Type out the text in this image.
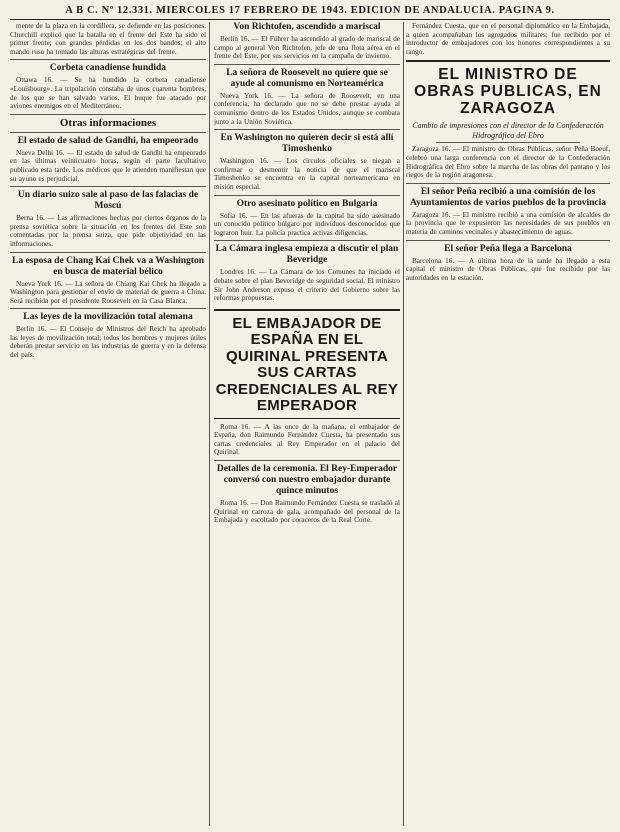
A B C. Nº 12.331. MIERCOLES 17 FEBRERO DE 1943. EDICION DE ANDALUCIA. PAGINA 9.

mente de la plaza en la cordillera, se defiende en las posiciones. Churchill explicó que la batalla en el frente del Este ha sido el primer frente; con grandes pérdidas en los dos bandos; el alto mando ruso ha tomado las alturas estratégicas del frente.

Corbeta canadiense hundida

Ottawa 16. — Se ha hundido la corbeta canadiense «Louisbourg». La tripulación constaba de unos cuarenta hombres, de los que se han salvado varios. El buque fue atacado por aviones enemigos en el Mediterráneo.

Otras informaciones
El estado de salud de Gandhi, ha empeorado

Nueva Delhi 16. — El estado de salud de Gandhi ha empeorado en las últimas veinticuatro horas, según el parte facultativo publicado esta tarde. Los médicos que le atienden manifiestan que su ayuno es perjudicial.

Un diario suizo sale al paso de las falacias de Moscú

Berna 16. — Las afirmaciones hechas por ciertos órganos de la prensa soviética sobre la situación en los frentes del Este son comentadas por la prensa suiza, que pide objetividad en las informaciones.

La esposa de Chang Kai Chek va a Washington en busca de material bélico

Nueva York 16. — La señora de Chiang Kai Chek ha llegado a Washington para gestionar el envío de material de guerra a China. Será recibida por el presidente Roosevelt en la Casa Blanca.

Las leyes de la movilización total alemana

Berlín 16. — El Consejo de Ministros del Reich ha aprobado las leyes de movilización total; todos los hombres y mujeres útiles deberán prestar servicio en las industrias de guerra y en la defensa del país.

Von Richtofen, ascendido a mariscal

Berlín 16. — El Führer ha ascendido al grado de mariscal de campo al general Von Richtofen, jefe de una flota aérea en el frente del Este, por sus servicios en la campaña de invierno.

La señora de Roosevelt no quiere que se ayude al comunismo en Norteamérica

Nueva York 16. — La señora de Roosevelt, en una conferencia, ha declarado que no se debe prestar ayuda al comunismo dentro de los Estados Unidos, aunque se combata junto a la Unión Soviética.

En Washington no quieren decir si está allí Timoshenko

Washington 16. — Los círculos oficiales se niegan a confirmar o desmentir la noticia de que el mariscal Timoshenko se encuentra en la capital norteamericana en misión especial.

Otro asesinato político en Bulgaria

Sofía 16. — En las afueras de la capital ha sido asesinado un conocido político búlgaro por individuos desconocidos que lograron huir. La policía practica activas diligencias.

La Cámara inglesa empieza a discutir el plan Beveridge

Londres 16. — La Cámara de los Comunes ha iniciado el debate sobre el plan Beveridge de seguridad social. El ministro Sir John Anderson expuso el criterio del Gobierno sobre las reformas propuestas.

EL EMBAJADOR DE ESPAÑA EN EL QUIRINAL PRESENTA SUS CARTAS CREDENCIALES AL REY EMPERADOR

Roma 16. — A las once de la mañana, el embajador de España, don Raimundo Fernández Cuesta, ha presentado sus cartas credenciales al Rey Emperador en el palacio del Quirinal.

Detalles de la ceremonia. El Rey-Emperador conversó con nuestro embajador durante quince minutos

Roma 16. — Don Raimundo Fernández Cuesta se trasladó al Quirinal en carroza de gala, acompañado del personal de la Embajada y escoltado por coraceros de la Real Corte.

Fernández Cuesta, que en el personal diplomático en la Embajada, a quien acompañaban los agregados militares; fue recibido por el introductor de embajadores con los honores correspondientes a su rango.

EL MINISTRO DE OBRAS PUBLICAS, EN ZARAGOZA
Cambio de impresiones con el director de la Confederación Hidrográfica del Ebro

Zaragoza 16. — El ministro de Obras Públicas, señor Peña Boeuf, celebró una larga conferencia con el director de la Confederación Hidrográfica del Ebro sobre la marcha de las obras del pantano y los riegos de la región aragonesa.

El señor Peña recibió a una comisión de los Ayuntamientos de varios pueblos de la provincia

Zaragoza 16. — El ministro recibió a una comisión de alcaldes de la provincia que le expusieron las necesidades de sus pueblos en materia de caminos vecinales y abastecimiento de aguas.

El señor Peña llega a Barcelona

Barcelona 16. — A última hora de la tarde ha llegado a esta capital el ministro de Obras Públicas, que fue recibido por las autoridades en la estación.
